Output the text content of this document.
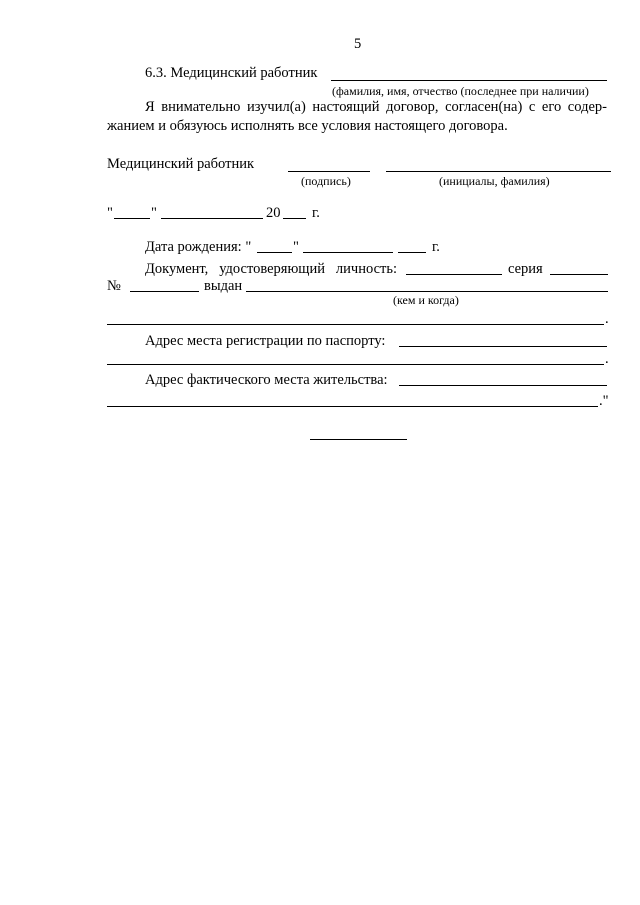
5
6.3. Медицинский работник
(фамилия, имя, отчество (последнее при наличии)
Я внимательно изучил(а) настоящий договор, согласен(на) с его содер-
жанием и обязуюсь исполнять все условия настоящего договора.
Медицинский работник
(подпись)	(инициалы, фамилия)
"	"	20 г.
Дата рождения: "	"	г.
Документ, удостоверяющий личность:	серия
№	выдан
(кем и когда)
.
Адрес места регистрации по паспорту:
.
Адрес фактического места жительства:
."
